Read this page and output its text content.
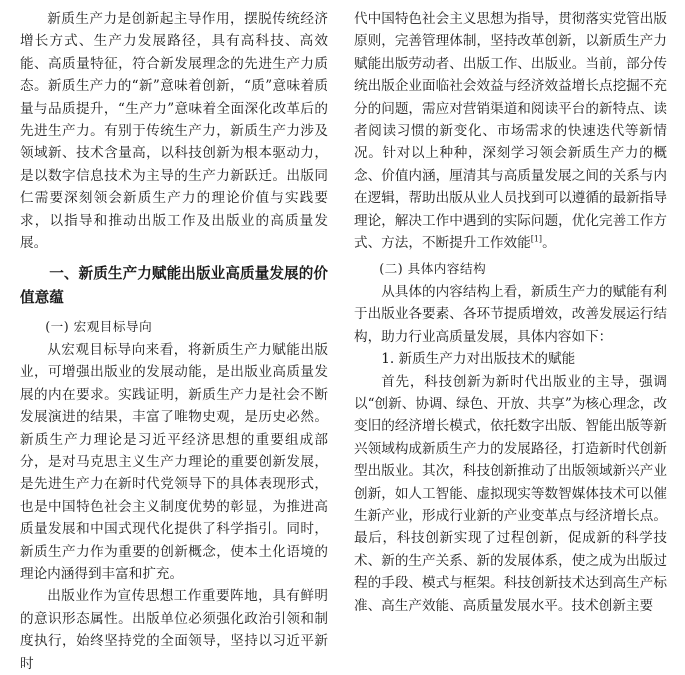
新质生产力是创新起主导作用，摆脱传统经济增长方式、生产力发展路径，具有高科技、高效能、高质量特征，符合新发展理念的先进生产力质态。新质生产力的“新”意味着创新，“质”意味着质量与品质提升，“生产力”意味着全面深化改革后的先进生产力。有别于传统生产力，新质生产力涉及领域新、技术含量高，以科技创新为根本驱动力，是以数字信息技术为主导的生产力新跃迁。出版同仁需要深刻领会新质生产力的理论价值与实践要求，以指导和推动出版工作及出版业的高质量发展。

一、新质生产力赋能出版业高质量发展的价值意蕴
(一) 宏观目标导向

从宏观目标导向来看，将新质生产力赋能出版业，可增强出版业的发展动能，是出版业高质量发展的内在要求。实践证明，新质生产力是社会不断发展演进的结果，丰富了唯物史观，是历史必然。新质生产力理论是习近平经济思想的重要组成部分，是对马克思主义生产力理论的重要创新发展，是先进生产力在新时代党领导下的具体表现形式，也是中国特色社会主义制度优势的彰显，为推进高质量发展和中国式现代化提供了科学指引。同时，新质生产力作为重要的创新概念，使本土化语境的理论内涵得到丰富和扩充。

出版业作为宣传思想工作重要阵地，具有鲜明的意识形态属性。出版单位必须强化政治引领和制度执行，始终坚持党的全面领导，坚持以习近平新时

代中国特色社会主义思想为指导，贯彻落实党管出版原则，完善管理体制，坚持改革创新，以新质生产力赋能出版劳动者、出版工作、出版业。当前，部分传统出版企业面临社会效益与经济效益增长点挖掘不充分的问题，需应对营销渠道和阅读平台的新特点、读者阅读习惯的新变化、市场需求的快速迭代等新情况。针对以上种种，深刻学习领会新质生产力的概念、价值内涵，厘清其与高质量发展之间的关系与内在逻辑，帮助出版从业人员找到可以遵循的最新指导理论，解决工作中遇到的实际问题，优化完善工作方式、方法，不断提升工作效能[1]。

(二) 具体内容结构

从具体的内容结构上看，新质生产力的赋能有利于出版业各要素、各环节提质增效，改善发展运行结构，助力行业高质量发展，具体内容如下：

1. 新质生产力对出版技术的赋能

首先，科技创新为新时代出版业的主导，强调以“创新、协调、绿色、开放、共享”为核心理念，改变旧的经济增长模式，依托数字出版、智能出版等新兴领域构成新质生产力的发展路径，打造新时代创新型出版业。其次，科技创新推动了出版领域新兴产业创新，如人工智能、虚拟现实等数智媒体技术可以催生新产业，形成行业新的产业变革点与经济增长点。最后，科技创新实现了过程创新，促成新的科学技术、新的生产关系、新的发展体系，使之成为出版过程的手段、模式与框架。科技创新技术达到高生产标准、高生产效能、高质量发展水平。技术创新主要
